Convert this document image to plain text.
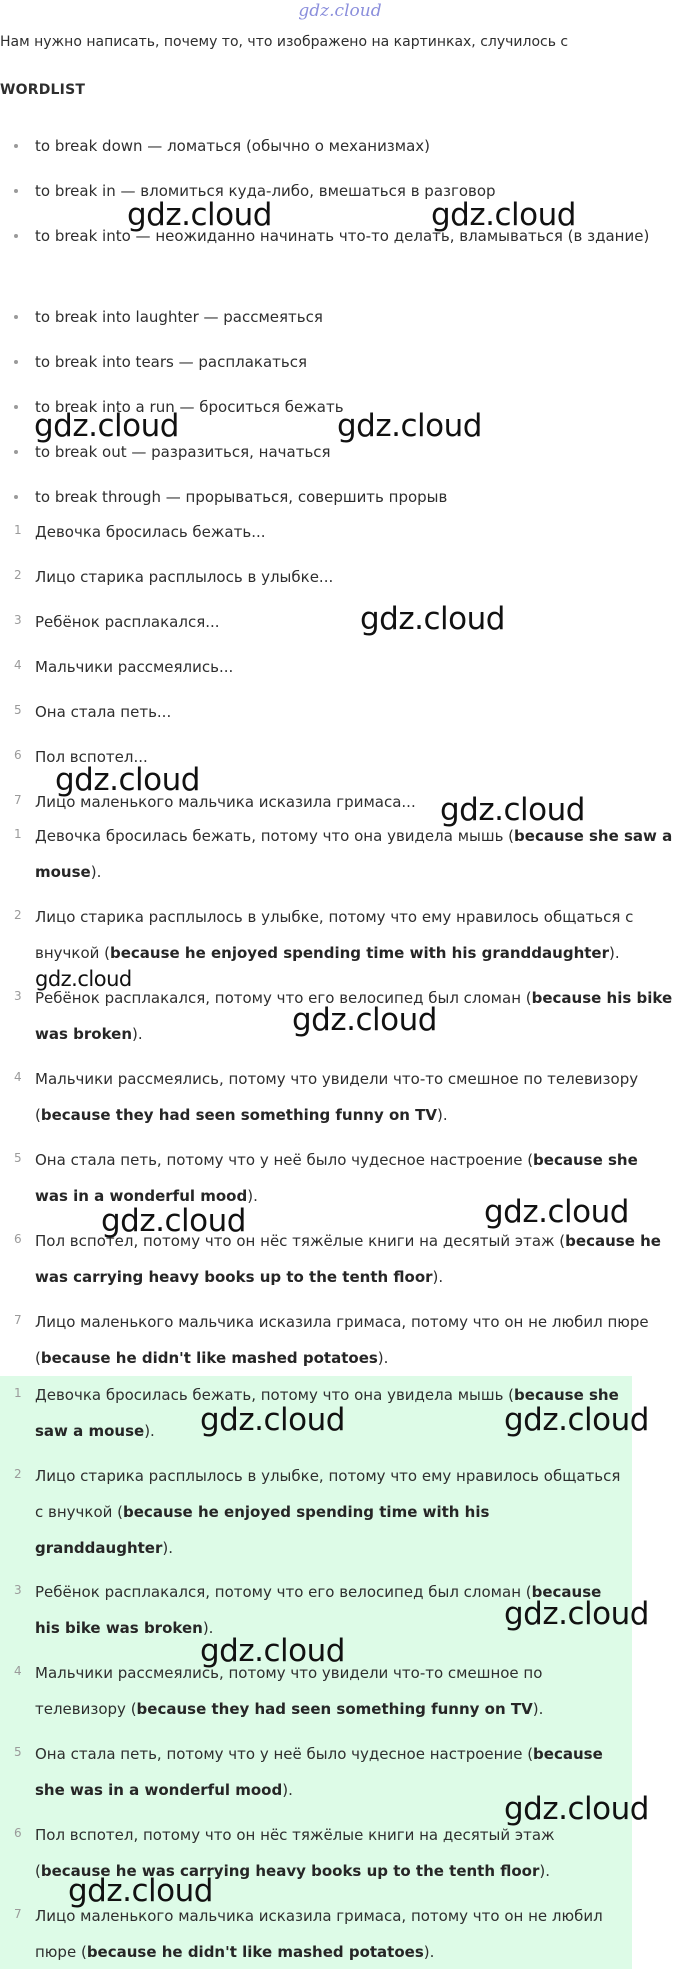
gdz.cloud
Нам нужно написать, почему то, что изображено на картинках, случилось с
WORDLIST
to break down — ломаться (обычно о механизмах)
to break in — вломиться куда-либо, вмешаться в разговор
to break into — неожиданно начинать что-то делать, вламываться (в здание)
to break into laughter — рассмеяться
to break into tears — расплакаться
to break into a run — броситься бежать
to break out — разразиться, начаться
to break through — прорываться, совершить прорыв
1 Девочка бросилась бежать...
2 Лицо старика расплылось в улыбке...
3 Ребёнок расплакался...
4 Мальчики рассмеялись...
5 Она стала петь...
6 Пол вспотел...
7 Лицо маленького мальчика исказила гримаса...
1 Девочка бросилась бежать, потому что она увидела мышь (because she saw a mouse).
2 Лицо старика расплылось в улыбке, потому что ему нравилось общаться с внучкой (because he enjoyed spending time with his granddaughter).
3 Ребёнок расплакался, потому что его велосипед был сломан (because his bike was broken).
4 Мальчики рассмеялись, потому что увидели что-то смешное по телевизору (because they had seen something funny on TV).
5 Она стала петь, потому что у неё было чудесное настроение (because she was in a wonderful mood).
6 Пол вспотел, потому что он нёс тяжёлые книги на десятый этаж (because he was carrying heavy books up to the tenth floor).
7 Лицо маленького мальчика исказила гримаса, потому что он не любил пюре (because he didn't like mashed potatoes).
1 Девочка бросилась бежать, потому что она увидела мышь (because she saw a mouse).
2 Лицо старика расплылось в улыбке, потому что ему нравилось общаться с внучкой (because he enjoyed spending time with his granddaughter).
3 Ребёнок расплакался, потому что его велосипед был сломан (because his bike was broken).
4 Мальчики рассмеялись, потому что увидели что-то смешное по телевизору (because they had seen something funny on TV).
5 Она стала петь, потому что у неё было чудесное настроение (because she was in a wonderful mood).
6 Пол вспотел, потому что он нёс тяжёлые книги на десятый этаж (because he was carrying heavy books up to the tenth floor).
7 Лицо маленького мальчика исказила гримаса, потому что он не любил пюре (because he didn't like mashed potatoes).
gdz.cloud	gdz.cloud
gdz.cloud	gdz.cloud
gdz.cloud
gdz.cloud
gdz.cloud
gdz.cloud
gdz.cloud
gdz.cloud	gdz.cloud
gdz.cloud	gdz.cloud
gdz.cloud
gdz.cloud
gdz.cloud
gdz.cloud
